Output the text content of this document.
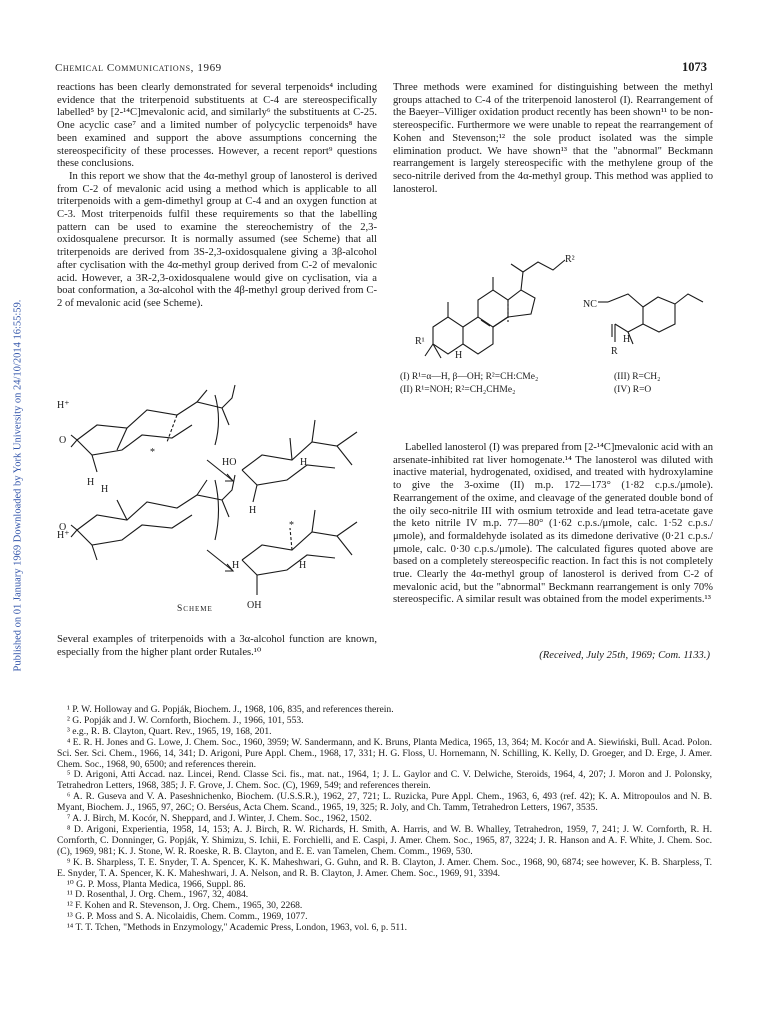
Chemical Communications, 1969	1073
Published on 01 January 1969 Downloaded by York University on 24/10/2014 16:55:59.

reactions has been clearly demonstrated for several terpenoids⁴ including evidence that the triterpenoid substituents at C-4 are stereospecifically labelled⁵ by [2-¹⁴C]mevalonic acid, and similarly⁶ the substituents at C-25. One acyclic case⁷ and a limited number of polycyclic terpenoids⁸ have been examined and support the above assumptions concerning the stereospecificity of these processes. However, a recent report⁹ questions these conclusions.

In this report we show that the 4α-methyl group of lanosterol is derived from C-2 of mevalonic acid using a method which is applicable to all triterpenoids with a gem-dimethyl group at C-4 and an oxygen function at C-3. Most triterpenoids fulfil these requirements so that the labelling pattern can be used to examine the stereochemistry of the 2,3-oxidosqualene precursor. It is normally assumed (see Scheme) that all triterpenoids are derived from 3S-2,3-oxidosqualene giving a 3β-alcohol after cyclisation with the 4α-methyl group derived from C-2 of mevalonic acid. However, a 3R-2,3-oxidosqualene would give on cyclisation, via a boat conformation, a 3α-alcohol with the 4β-methyl group derived from C-2 of mevalonic acid (see Scheme).

H⁺
O
H
*
HO
H
H
H
H⁺
O	*
H	H
OH
Scheme
Several examples of triterpenoids with a 3α-alcohol function are known, especially from the higher plant order Rutales.¹⁰

Three methods were examined for distinguishing between the methyl groups attached to C-4 of the triterpenoid lanosterol (I). Rearrangement of the Baeyer–Villiger oxidation product recently has been shown¹¹ to be non-stereospecific. Furthermore we were unable to repeat the rearrangement of Kohen and Stevenson;¹² the sole product isolated was the simple elimination product. We have shown¹³ that the "abnormal" Beckmann rearrangement is largely stereospecific with the methylene group of the seco-nitrile derived from the 4α-methyl group. This method was applied to lanosterol.

R²
R¹
H
NC
H
R
(I) R¹=α—H, β—OH; R²=CH:CMe₂
(II) R¹=NOH; R²=CH₂CHMe₂
(III) R=CH₂
(IV) R=O

Labelled lanosterol (I) was prepared from [2-¹⁴C]mevalonic acid with an arsenate-inhibited rat liver homogenate.¹⁴ The lanosterol was diluted with inactive material, hydrogenated, oxidised, and treated with hydroxylamine to give the 3-oxime (II) m.p. 172—173° (1·82 c.p.s./μmole). Rearrangement of the oxime, and cleavage of the generated double bond of the oily seco-nitrile III with osmium tetroxide and lead tetra-acetate gave the keto nitrile IV m.p. 77—80° (1·62 c.p.s./μmole, calc. 1·52 c.p.s./μmole), and formaldehyde isolated as its dimedone derivative (0·21 c.p.s./μmole, calc. 0·30 c.p.s./μmole). The calculated figures quoted above are based on a completely stereospecific reaction. In fact this is not completely true. Clearly the 4α-methyl group of lanosterol is derived from C-2 of mevalonic acid, but the "abnormal" Beckmann rearrangement is only 70% stereospecific. A similar result was obtained from the model experiments.¹³

(Received, July 25th, 1969; Com. 1133.)

¹ P. W. Holloway and G. Popják, Biochem. J., 1968, 106, 835, and references therein.

² G. Popják and J. W. Cornforth, Biochem. J., 1966, 101, 553.

³ e.g., R. B. Clayton, Quart. Rev., 1965, 19, 168, 201.

⁴ E. R. H. Jones and G. Lowe, J. Chem. Soc., 1960, 3959; W. Sandermann, and K. Bruns, Planta Medica, 1965, 13, 364; M. Kocór and A. Siewiński, Bull. Acad. Polon. Sci. Ser. Sci. Chem., 1966, 14, 341; D. Arigoni, Pure Appl. Chem., 1968, 17, 331; H. G. Floss, U. Hornemann, N. Schilling, K. Kelly, D. Groeger, and D. Erge, J. Amer. Chem. Soc., 1968, 90, 6500; and references therein.

⁵ D. Arigoni, Atti Accad. naz. Lincei, Rend. Classe Sci. fis., mat. nat., 1964, 1; J. L. Gaylor and C. V. Delwiche, Steroids, 1964, 4, 207; J. Moron and J. Polonsky, Tetrahedron Letters, 1968, 385; J. F. Grove, J. Chem. Soc. (C), 1969, 549; and references therein.

⁶ A. R. Guseva and V. A. Paseshnichenko, Biochem. (U.S.S.R.), 1962, 27, 721; L. Ruzicka, Pure Appl. Chem., 1963, 6, 493 (ref. 42); K. A. Mitropoulos and N. B. Myant, Biochem. J., 1965, 97, 26C; O. Berséus, Acta Chem. Scand., 1965, 19, 325; R. Joly, and Ch. Tamm, Tetrahedron Letters, 1967, 3535.

⁷ A. J. Birch, M. Kocór, N. Sheppard, and J. Winter, J. Chem. Soc., 1962, 1502.

⁸ D. Arigoni, Experientia, 1958, 14, 153; A. J. Birch, R. W. Richards, H. Smith, A. Harris, and W. B. Whalley, Tetrahedron, 1959, 7, 241; J. W. Cornforth, R. H. Cornforth, C. Donninger, G. Popják, Y. Shimizu, S. Ichii, E. Forchielli, and E. Caspi, J. Amer. Chem. Soc., 1965, 87, 3224; J. R. Hanson and A. F. White, J. Chem. Soc. (C), 1969, 981; K. J. Stone, W. R. Roeske, R. B. Clayton, and E. E. van Tamelen, Chem. Comm., 1969, 530.

⁹ K. B. Sharpless, T. E. Snyder, T. A. Spencer, K. K. Maheshwari, G. Guhn, and R. B. Clayton, J. Amer. Chem. Soc., 1968, 90, 6874; see however, K. B. Sharpless, T. E. Snyder, T. A. Spencer, K. K. Maheshwari, J. A. Nelson, and R. B. Clayton, J. Amer. Chem. Soc., 1969, 91, 3394.

¹⁰ G. P. Moss, Planta Medica, 1966, Suppl. 86.

¹¹ D. Rosenthal, J. Org. Chem., 1967, 32, 4084.

¹² F. Kohen and R. Stevenson, J. Org. Chem., 1965, 30, 2268.

¹³ G. P. Moss and S. A. Nicolaidis, Chem. Comm., 1969, 1077.

¹⁴ T. T. Tchen, "Methods in Enzymology," Academic Press, London, 1963, vol. 6, p. 511.
